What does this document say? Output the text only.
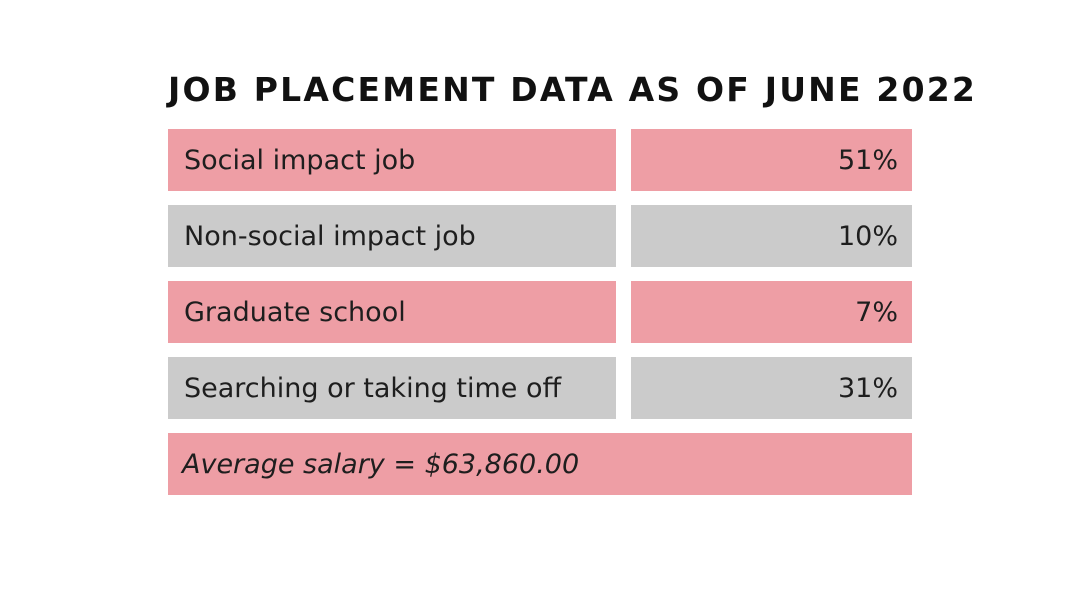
JOB PLACEMENT DATA AS OF JUNE 2022
Social impact job	51%
Non-social impact job	10%
Graduate school	7%
Searching or taking time off	31%
Average salary = $63,860.00
